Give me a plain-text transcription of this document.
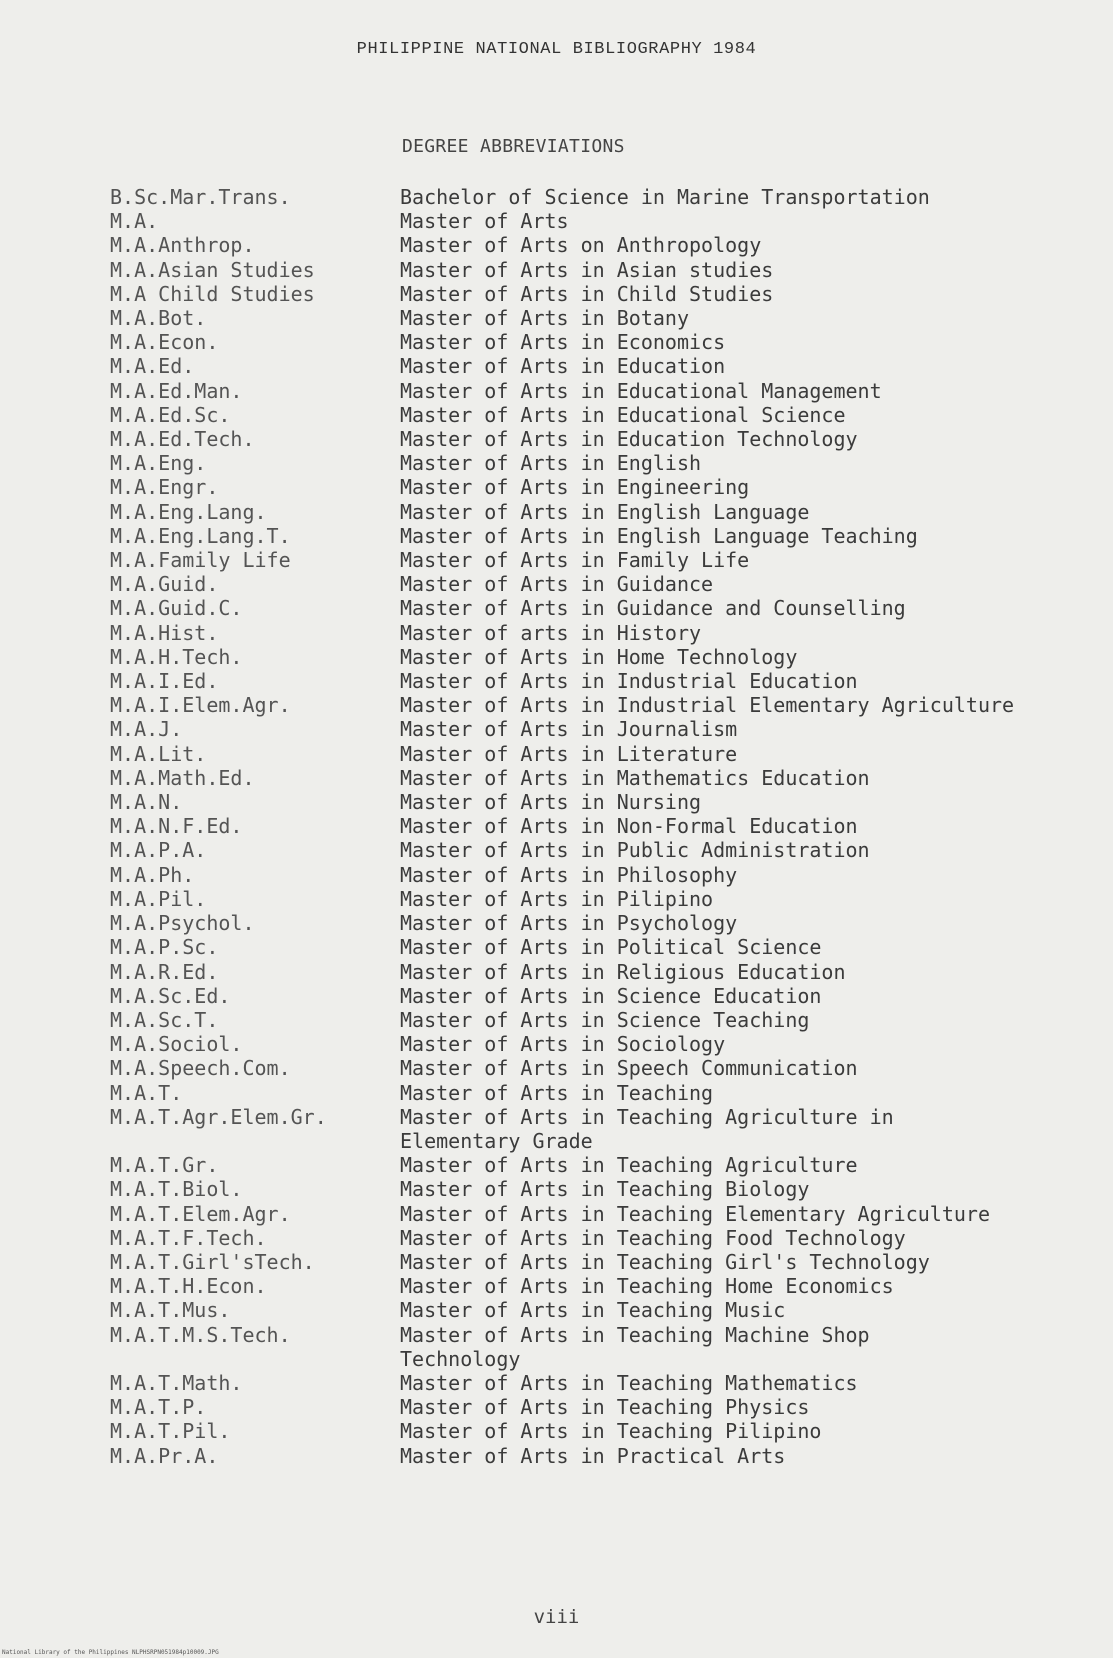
PHILIPPINE NATIONAL BIBLIOGRAPHY 1984
DEGREE ABBREVIATIONS
B.Sc.Mar.Trans.	Bachelor of Science in Marine Transportation
M.A.	Master of Arts
M.A.Anthrop.	Master of Arts on Anthropology
M.A.Asian Studies	Master of Arts in Asian studies
M.A Child Studies	Master of Arts in Child Studies
M.A.Bot.	Master of Arts in Botany
M.A.Econ.	Master of Arts in Economics
M.A.Ed.	Master of Arts in Education
M.A.Ed.Man.	Master of Arts in Educational Management
M.A.Ed.Sc.	Master of Arts in Educational Science
M.A.Ed.Tech.	Master of Arts in Education Technology
M.A.Eng.	Master of Arts in English
M.A.Engr.	Master of Arts in Engineering
M.A.Eng.Lang.	Master of Arts in English Language
M.A.Eng.Lang.T.	Master of Arts in English Language Teaching
M.A.Family Life	Master of Arts in Family Life
M.A.Guid.	Master of Arts in Guidance
M.A.Guid.C.	Master of Arts in Guidance and Counselling
M.A.Hist.	Master of arts in History
M.A.H.Tech.	Master of Arts in Home Technology
M.A.I.Ed.	Master of Arts in Industrial Education
M.A.I.Elem.Agr.	Master of Arts in Industrial Elementary Agriculture
M.A.J.	Master of Arts in Journalism
M.A.Lit.	Master of Arts in Literature
M.A.Math.Ed.	Master of Arts in Mathematics Education
M.A.N.	Master of Arts in Nursing
M.A.N.F.Ed.	Master of Arts in Non-Formal Education
M.A.P.A.	Master of Arts in Public Administration
M.A.Ph.	Master of Arts in Philosophy
M.A.Pil.	Master of Arts in Pilipino
M.A.Psychol.	Master of Arts in Psychology
M.A.P.Sc.	Master of Arts in Political Science
M.A.R.Ed.	Master of Arts in Religious Education
M.A.Sc.Ed.	Master of Arts in Science Education
M.A.Sc.T.	Master of Arts in Science Teaching
M.A.Sociol.	Master of Arts in Sociology
M.A.Speech.Com.	Master of Arts in Speech Communication
M.A.T.	Master of Arts in Teaching
M.A.T.Agr.Elem.Gr.	Master of Arts in Teaching Agriculture in
Elementary Grade
M.A.T.Gr.	Master of Arts in Teaching Agriculture
M.A.T.Biol.	Master of Arts in Teaching Biology
M.A.T.Elem.Agr.	Master of Arts in Teaching Elementary Agriculture
M.A.T.F.Tech.	Master of Arts in Teaching Food Technology
M.A.T.Girl'sTech.	Master of Arts in Teaching Girl's Technology
M.A.T.H.Econ.	Master of Arts in Teaching Home Economics
M.A.T.Mus.	Master of Arts in Teaching Music
M.A.T.M.S.Tech.	Master of Arts in Teaching Machine Shop
Technology
M.A.T.Math.	Master of Arts in Teaching Mathematics
M.A.T.P.	Master of Arts in Teaching Physics
M.A.T.Pil.	Master of Arts in Teaching Pilipino
M.A.Pr.A.	Master of Arts in Practical Arts
viii
National Library of the Philippines NLPHSRPN051984p10009.JPG
